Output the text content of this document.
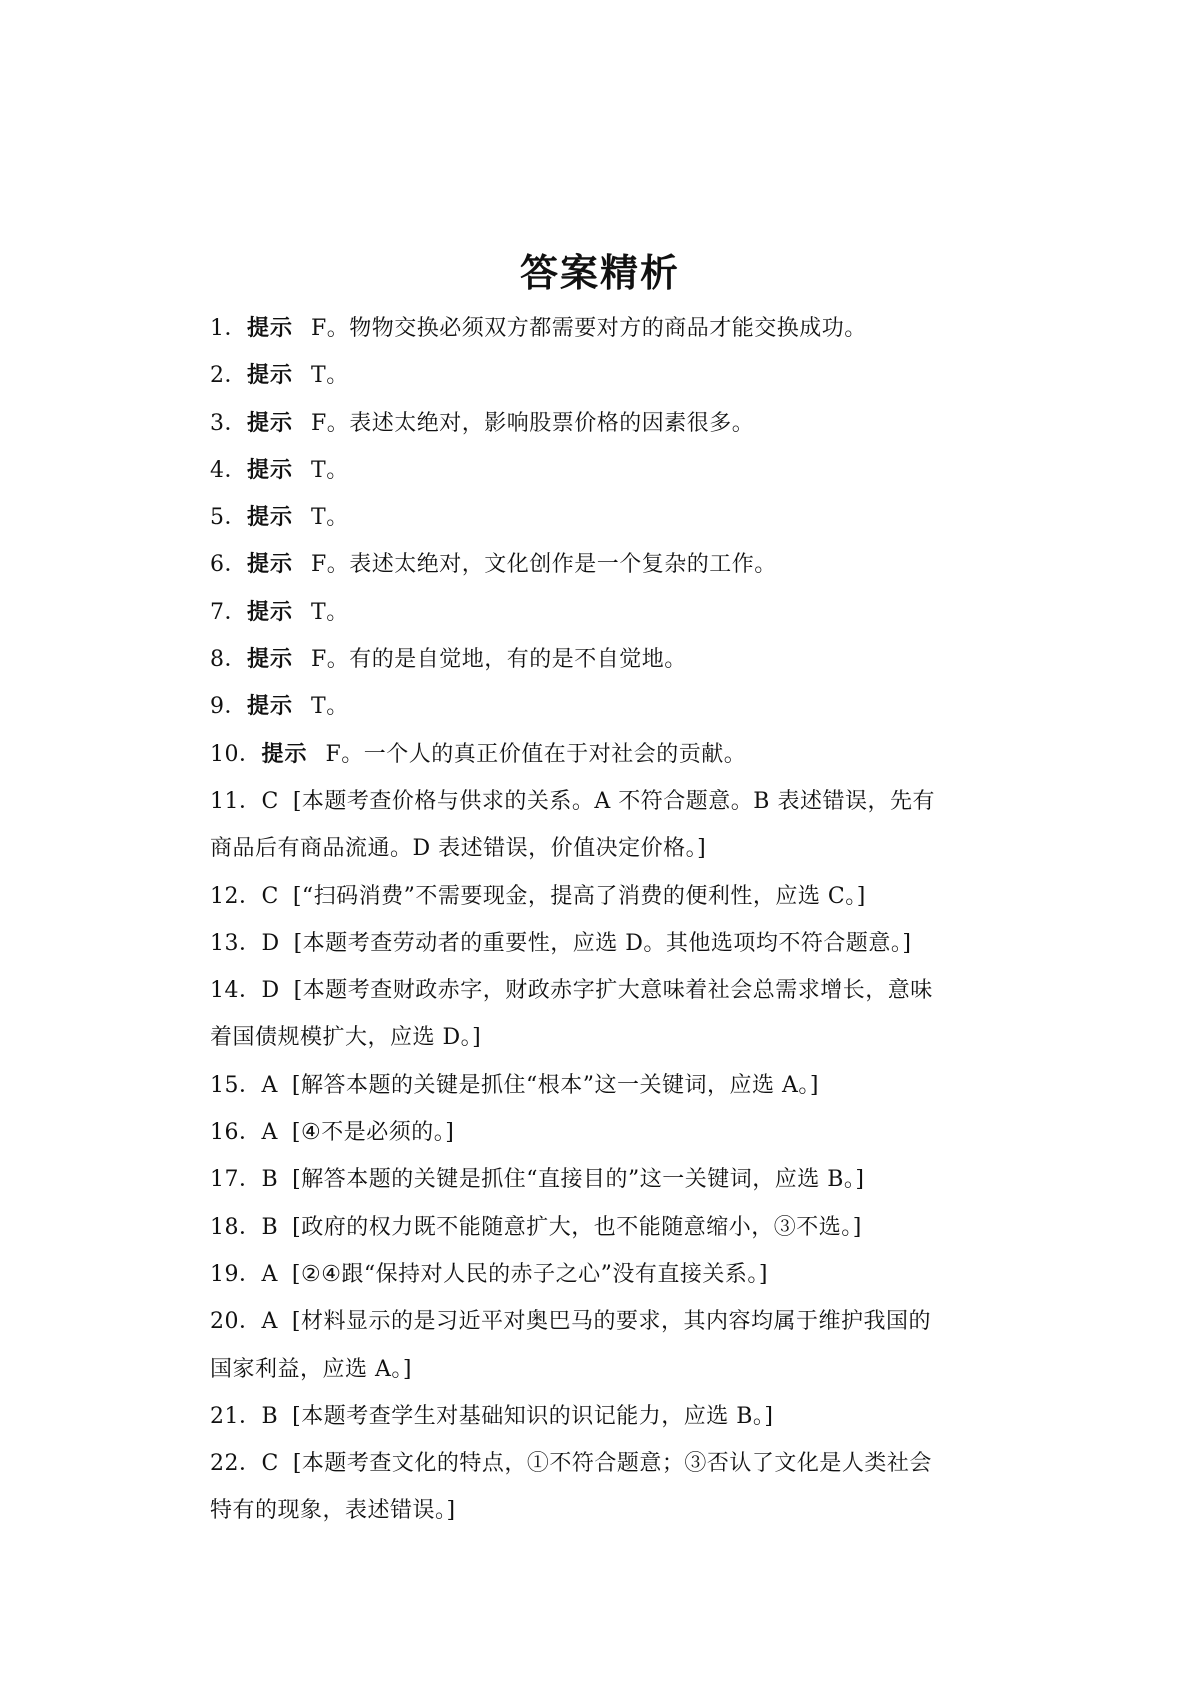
答案精析
1．提示 F。物物交换必须双方都需要对方的商品才能交换成功。
2．提示 T。
3．提示 F。表述太绝对，影响股票价格的因素很多。
4．提示 T。
5．提示 T。
6．提示 F。表述太绝对，文化创作是一个复杂的工作。
7．提示 T。
8．提示 F。有的是自觉地，有的是不自觉地。
9．提示 T。
10．提示 F。一个人的真正价值在于对社会的贡献。
11．C [本题考查价格与供求的关系。A 不符合题意。B 表述错误，先有
商品后有商品流通。D 表述错误，价值决定价格。]
12．C [“扫码消费”不需要现金，提高了消费的便利性，应选 C。]
13．D [本题考查劳动者的重要性，应选 D。其他选项均不符合题意。]
14．D [本题考查财政赤字，财政赤字扩大意味着社会总需求增长，意味
着国债规模扩大，应选 D。]
15．A [解答本题的关键是抓住“根本”这一关键词，应选 A。]
16．A [④不是必须的。]
17．B [解答本题的关键是抓住“直接目的”这一关键词，应选 B。]
18．B [政府的权力既不能随意扩大，也不能随意缩小，③不选。]
19．A [②④跟“保持对人民的赤子之心”没有直接关系。]
20．A [材料显示的是习近平对奥巴马的要求，其内容均属于维护我国的
国家利益，应选 A。]
21．B [本题考查学生对基础知识的识记能力，应选 B。]
22．C [本题考查文化的特点，①不符合题意；③否认了文化是人类社会
特有的现象，表述错误。]
